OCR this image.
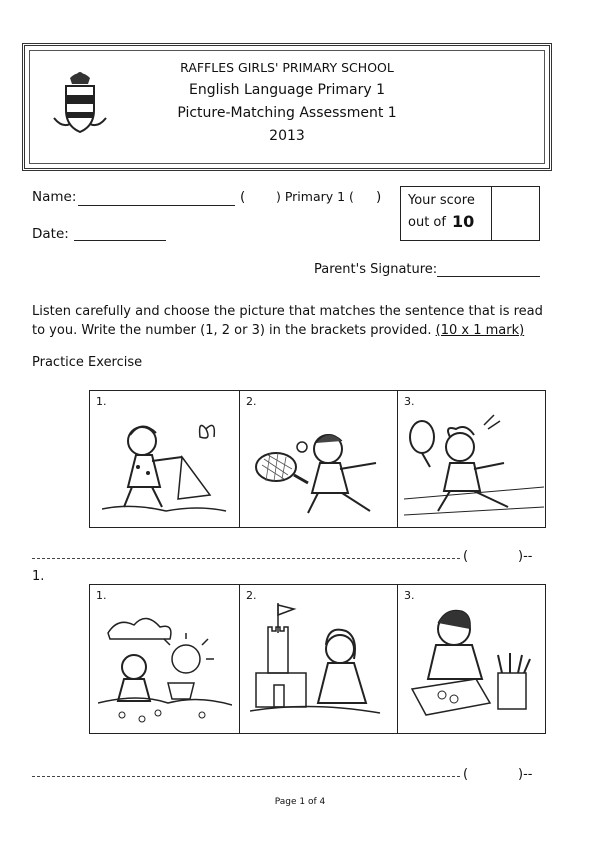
RAFFLES GIRLS' PRIMARY SCHOOL
English Language Primary 1
Picture-Matching Assessment 1
2013
Name:	( ) Primary 1 ( )
Date:
Your score
out of 10
Parent's Signature:
Listen carefully and choose the picture that matches the sentence that is read to you. Write the number (1, 2 or 3) in the brackets provided. (10 x 1 mark)
Practice Exercise
1.	2.	3.
(	)--
1.
1.	2.	3.
(	)--
Page 1 of 4
